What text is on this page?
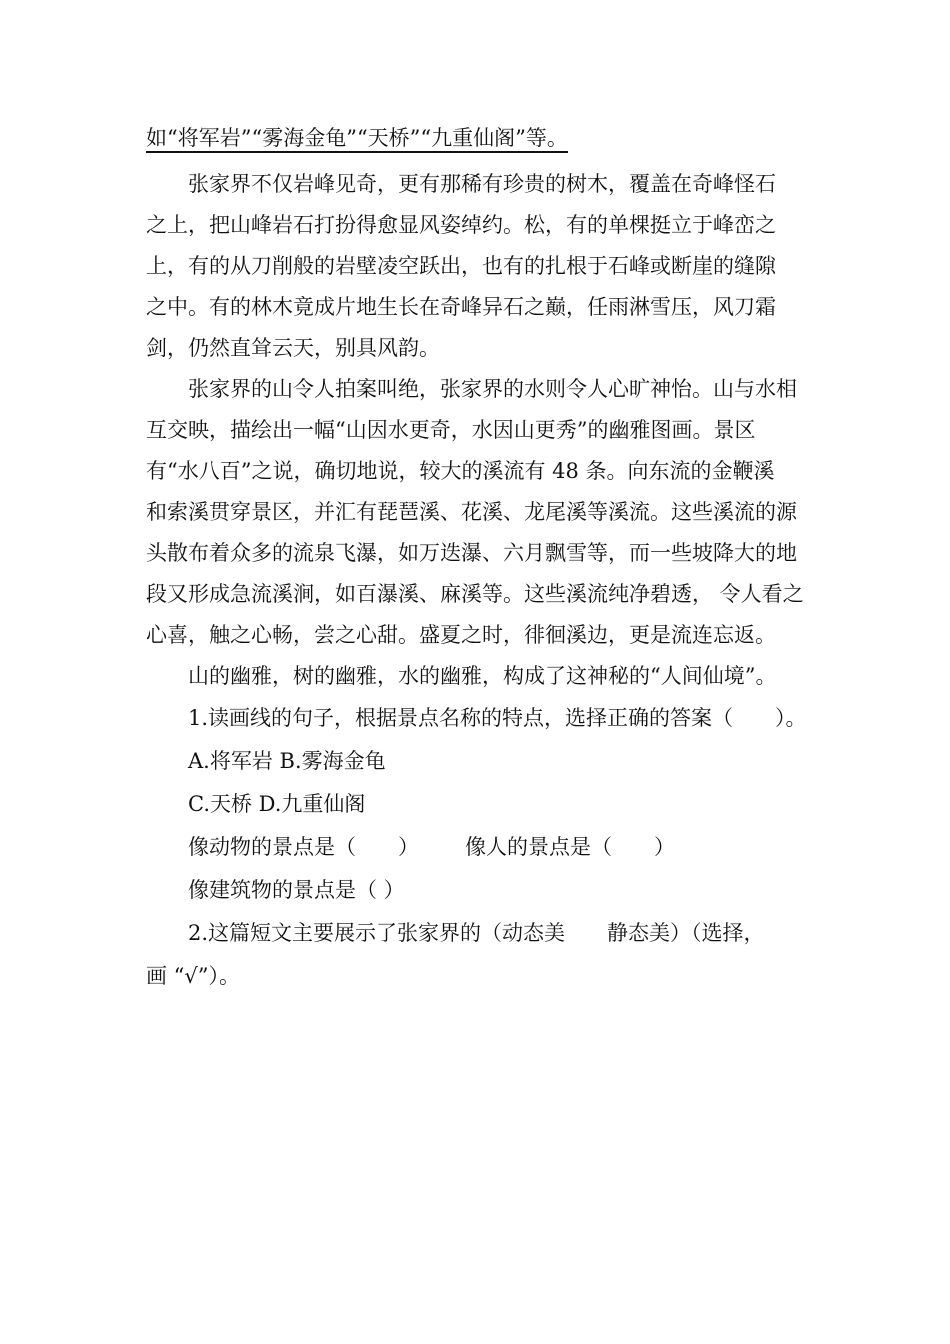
如“将军岩”“雾海金龟”“天桥”“九重仙阁”等。

张家界不仅岩峰见奇，更有那稀有珍贵的树木，覆盖在奇峰怪石

之上，把山峰岩石打扮得愈显风姿绰约。松，有的单棵挺立于峰峦之

上，有的从刀削般的岩壁凌空跃出，也有的扎根于石峰或断崖的缝隙

之中。有的林木竟成片地生长在奇峰异石之巅，任雨淋雪压，风刀霜

剑，仍然直耸云天，别具风韵。

张家界的山令人拍案叫绝，张家界的水则令人心旷神怡。山与水相

互交映，描绘出一幅“山因水更奇，水因山更秀”的幽雅图画。景区

有“水八百”之说，确切地说，较大的溪流有 48 条。向东流的金鞭溪

和索溪贯穿景区，并汇有琵琶溪、花溪、龙尾溪等溪流。这些溪流的源

头散布着众多的流泉飞瀑，如万迭瀑、六月飘雪等，而一些坡降大的地

段又形成急流溪涧，如百瀑溪、麻溪等。这些溪流纯净碧透， 令人看之

心喜，触之心畅，尝之心甜。盛夏之时，徘徊溪边，更是流连忘返。

山的幽雅，树的幽雅，水的幽雅，构成了这神秘的“人间仙境”。

1.读画线的句子，根据景点名称的特点，选择正确的答案（　　）。

A.将军岩 B.雾海金龟

C.天桥 D.九重仙阁

像动物的景点是（　　） 像人的景点是（　　）

像建筑物的景点是（ ）

2.这篇短文主要展示了张家界的（动态美　　静态美）（选择，

画 “√”）。
